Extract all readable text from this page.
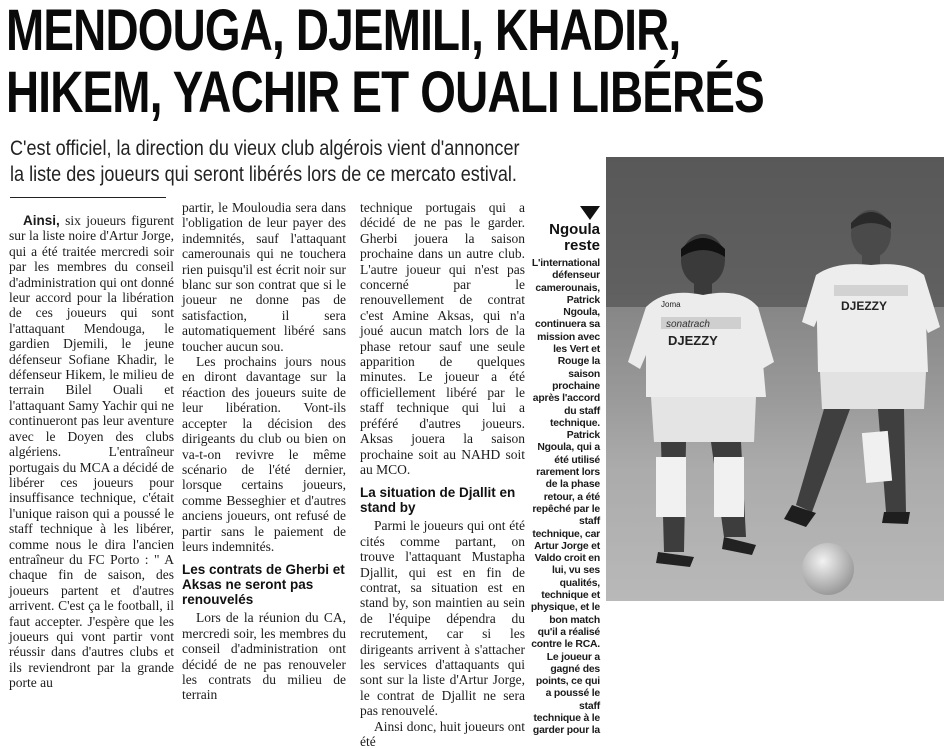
MENDOUGA, DJEMILI, KHADIR,
HIKEM, YACHIR ET OUALI LIBÉRÉS
C'est officiel, la direction du vieux club algérois vient d'annoncer la liste des joueurs qui seront libérés lors de ce mercato estival.

Ainsi, six joueurs figurent sur la liste noire d'Artur Jorge, qui a été traitée mercredi soir par les membres du conseil d'administration qui ont donné leur accord pour la libération de ces joueurs qui sont l'attaquant Mendouga, le gardien Djemili, le jeune défenseur Sofiane Khadir, le défenseur Hikem, le milieu de terrain Bilel Ouali et l'attaquant Samy Yachir qui ne continueront pas leur aventure avec le Doyen des clubs algériens. L'entraîneur portugais du MCA a décidé de libérer ces joueurs pour insuffisance technique, c'était l'unique raison qui a poussé le staff technique à les libérer, comme nous le dira l'ancien entraîneur du FC Porto : " A chaque fin de saison, des joueurs partent et d'autres arrivent. C'est ça le football, il faut accepter. J'espère que les joueurs qui vont partir vont réussir dans d'autres clubs et ils reviendront par la grande porte au

partir, le Mouloudia sera dans l'obligation de leur payer des indemnités, sauf l'attaquant camerounais qui ne touchera rien puisqu'il est écrit noir sur blanc sur son contrat que si le joueur ne donne pas de satisfaction, il sera automatiquement libéré sans toucher aucun sou.

Les prochains jours nous en diront davantage sur la réaction des joueurs suite de leur libération. Vont-ils accepter la décision des dirigeants du club ou bien on va-t-on revivre le même scénario de l'été dernier, lorsque certains joueurs, comme Besseghier et d'autres anciens joueurs, ont refusé de partir sans le paiement de leurs indemnités.

Les contrats de Gherbi et Aksas ne seront pas renouvelés

Lors de la réunion du CA, mercredi soir, les membres du conseil d'administration ont décidé de ne pas renouveler les contrats du milieu de terrain

technique portugais qui a décidé de ne pas le garder. Gherbi jouera la saison prochaine dans un autre club. L'autre joueur qui n'est pas concerné par le renouvellement de contrat c'est Amine Aksas, qui n'a joué aucun match lors de la phase retour sauf une seule apparition de quelques minutes. Le joueur a été officiellement libéré par le staff technique qui lui a préféré d'autres joueurs. Aksas jouera la saison prochaine soit au NAHD soit au MCO.

La situation de Djallit en stand by

Parmi le joueurs qui ont été cités comme partant, on trouve l'attaquant Mustapha Djallit, qui est en fin de contrat, sa situation est en stand by, son maintien au sein de l'équipe dépendra du recrutement, car si les dirigeants arrivent à s'attacher les services d'attaquants qui sont sur la liste d'Artur Jorge, le contrat de Djallit ne sera pas renouvelé.

Ainsi donc, huit joueurs ont été

Ngoula
reste

L'international défenseur camerounais, Patrick Ngoula, continuera sa mission avec les Vert et Rouge la saison prochaine après l'accord du staff technique.

Patrick Ngoula, qui a été utilisé rarement lors de la phase retour, a été repêché par le staff technique, car Artur Jorge et Valdo croit en lui, vu ses qualités, technique et physique, et le bon match qu'il a réalisé contre le RCA. Le joueur a gagné des points, ce qui a poussé le staff technique à le garder pour la

sonatrach
DJEZZY
Joma	DJEZZY
